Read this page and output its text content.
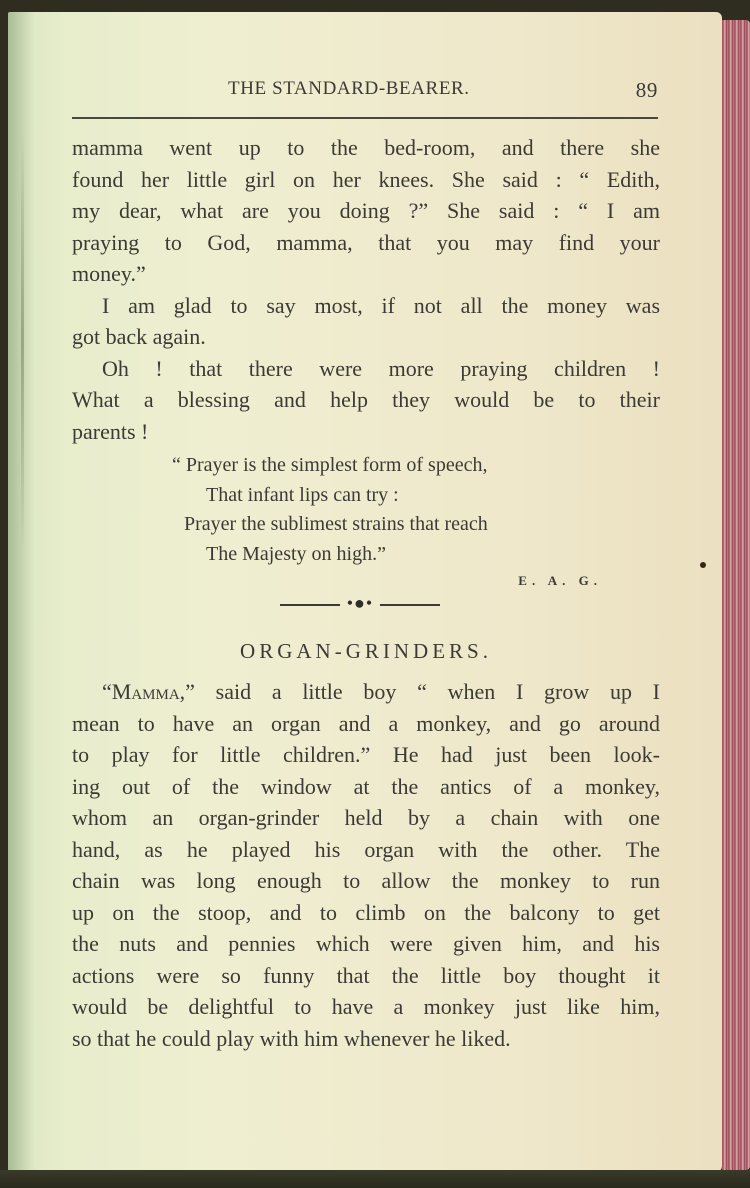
THE STANDARD-BEARER.	89

mamma went up to the bed-room, and there she
found her little girl on her knees. She said : “ Edith,
my dear, what are you doing ?” She said : “ I am
praying to God, mamma, that you may find your
money.”

I am glad to say most, if not all the money was
got back again.

Oh ! that there were more praying children !
What a blessing and help they would be to their
parents !

“ Prayer is the simplest form of speech,
That infant lips can try :
Prayer the sublimest strains that reach
The Majesty on high.”
E. A. G.
•●•
ORGAN-GRINDERS.

“Mamma,” said a little boy “ when I grow up I
mean to have an organ and a monkey, and go around
to play for little children.” He had just been look-
ing out of the window at the antics of a monkey,
whom an organ-grinder held by a chain with one
hand, as he played his organ with the other. The
chain was long enough to allow the monkey to run
up on the stoop, and to climb on the balcony to get
the nuts and pennies which were given him, and his
actions were so funny that the little boy thought it
would be delightful to have a monkey just like him,
so that he could play with him whenever he liked.
